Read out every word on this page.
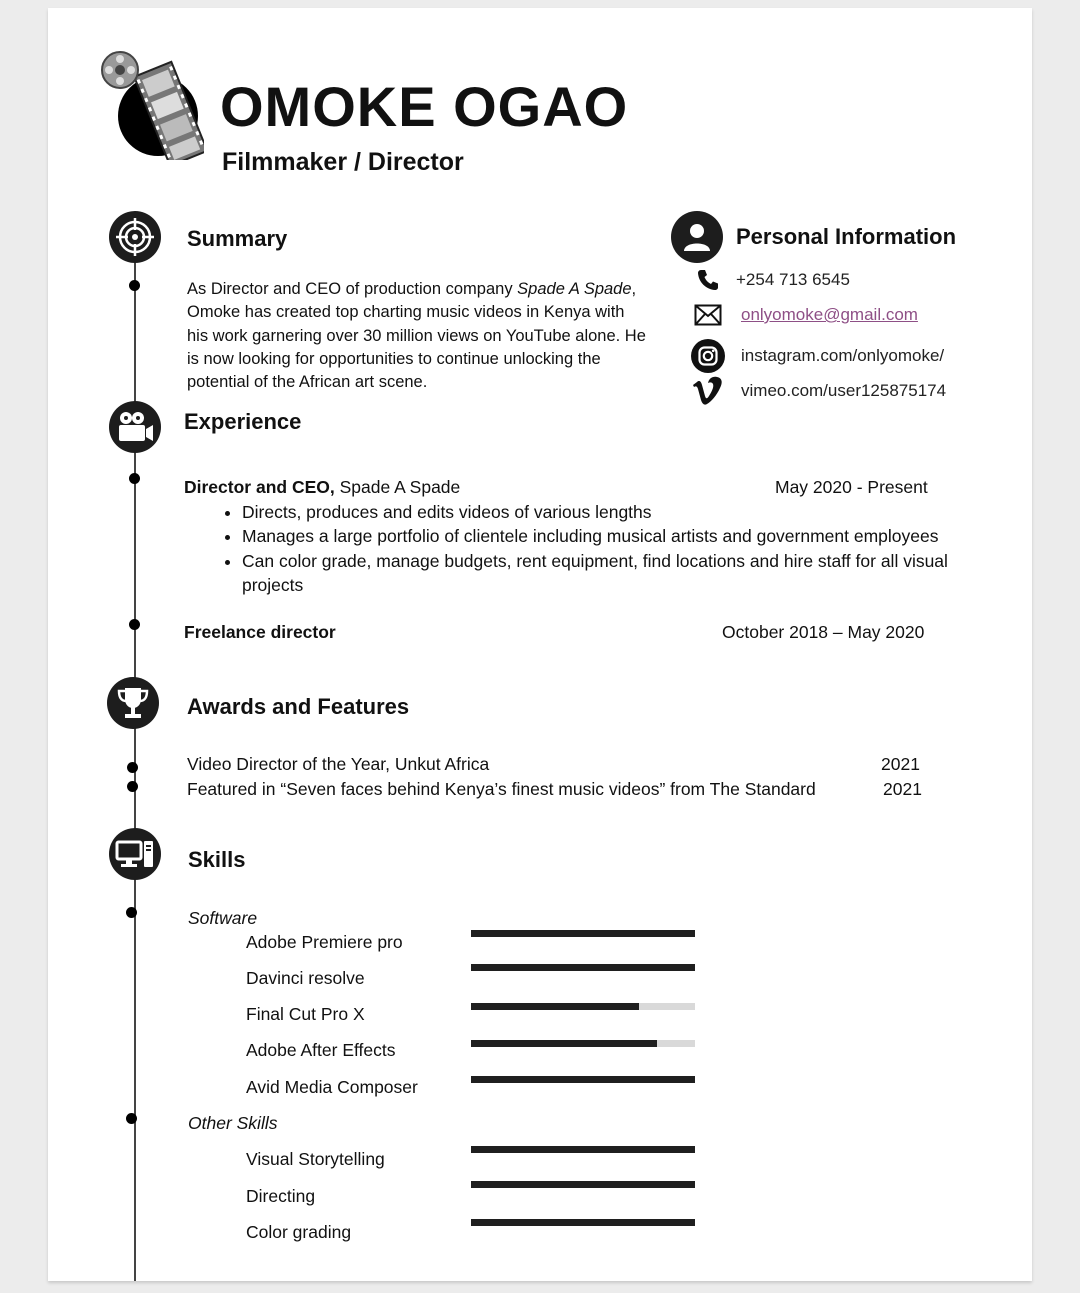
OMOKE OGAO
Filmmaker / Director
Summary
As Director and CEO of production company Spade A Spade, Omoke has created top charting music videos in Kenya with his work garnering over 30 million views on YouTube alone. He is now looking for opportunities to continue unlocking the potential of the African art scene.
Personal Information
+254 713 6545
onlyomoke@gmail.com
instagram.com/onlyomoke/
vimeo.com/user125875174
Experience
Director and CEO, Spade A Spade	May 2020 - Present
• Directs, produces and edits videos of various lengths
• Manages a large portfolio of clientele including musical artists and government employees
• Can color grade, manage budgets, rent equipment, find locations and hire staff for all visual projects
Freelance director	October 2018 – May 2020
Awards and Features
Video Director of the Year, Unkut Africa	2021
Featured in “Seven faces behind Kenya’s finest music videos” from The Standard	2021
Skills
Software
Adobe Premiere pro
Davinci resolve
Final Cut Pro X
Adobe After Effects
Avid Media Composer
Other Skills
Visual Storytelling
Directing
Color grading
